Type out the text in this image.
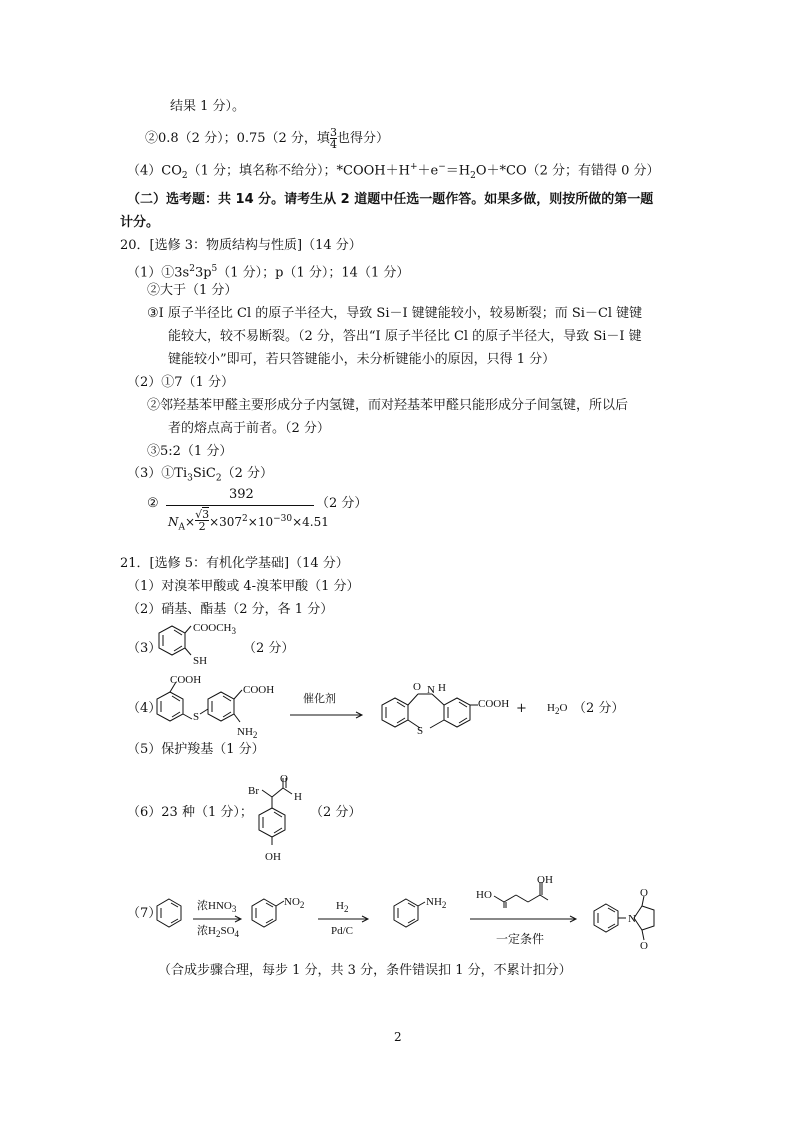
结果 1 分）。
②0.8（2 分）；0.75（2 分，填 $\frac{3}{4}$ 也得分）
$(4)CO_2(1$ 分；填名称不给分）；$*COOH+H^++e^-=H_2O+*CO(2$ 分；有错得 0 分）
（二）选考题：共 14 分。请考生从 2 道题中任选一题作答。如果多做，则按所做的第一题
计分。
20．[选修 3：物质结构与性质]（14 分）
$(1)①3s^23p^5(1$ 分）；p（1 分）；14（1 分）
②大于（1 分）
③I 原子半径比 Cl 的原子半径大，导致 Si－I 键键能较小，较易断裂；而 Si－Cl 键键
能较大，较不易断裂。（2 分，答出“I 原子半径比 Cl 的原子半径大，导致 Si－I 键
键能较小”即可，若只答键能小，未分析键能小的原因，只得 1 分）
（2）①7（1 分）
②邻羟基苯甲醛主要形成分子内氢键，而对羟基苯甲醛只能形成分子间氢键，所以后
者的熔点高于前者。（2 分）
③5:2（1 分）
$(3)①Ti_3SiC_2(2$ 分）
②
392
$N_A\times \frac{√3}{2} \times 307^2\times 10^{-30}\times 4.51$
（2 分）
21．[选修 5：有机化学基础]（14 分）
（1）对溴苯甲酸或 4-溴苯甲酸（1 分）
（2）硝基、酯基（2 分，各 1 分）
（3）
$COOCH_3$
SH
（2 分）
（4）
COOH
S
COOH
$NH_2$
催化剂
O N H
S
COOH + $H_2O$ （2 分）
（5）保护羧基（1 分）
（6）23 种（1 分）；
Br
O
H
OH
（2 分）
（7）	浓$HNO_3$
浓$H_2SO_4$
$NO_2$	$H_2$
Pd/C
$NH_2$
HO
OH
一定条件
N
O
O
（合成步骤合理，每步 1 分，共 3 分，条件错误扣 1 分，不累计扣分）
2
